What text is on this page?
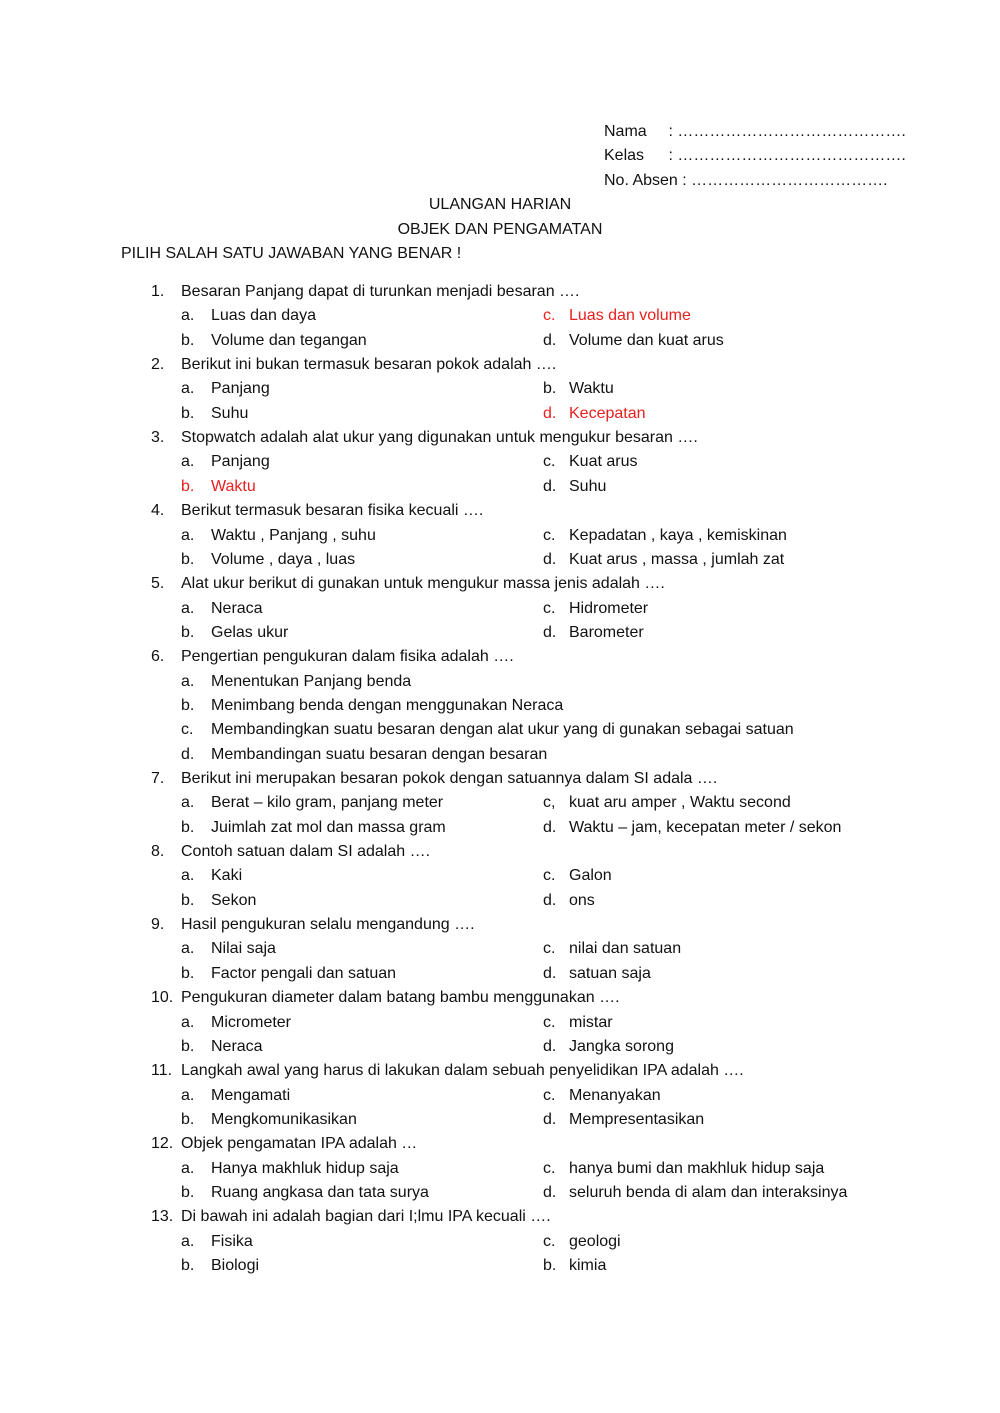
Nama : …………………………………….
Kelas : …………………………………….
No. Absen : ……………………………….
ULANGAN HARIAN
OBJEK DAN PENGAMATAN
PILIH SALAH SATU JAWABAN YANG BENAR !
1.	Besaran Panjang dapat di turunkan menjadi besaran ….
a. Luas dan daya	c. Luas dan volume
b. Volume dan tegangan	d. Volume dan kuat arus
2.	Berikut ini bukan termasuk besaran pokok adalah ….
a. Panjang	b. Waktu
b. Suhu	d. Kecepatan
3.	Stopwatch adalah alat ukur yang digunakan untuk mengukur besaran ….
a. Panjang	c. Kuat arus
b. Waktu	d. Suhu
4.	Berikut termasuk besaran fisika kecuali ….
a. Waktu , Panjang , suhu	c. Kepadatan , kaya , kemiskinan
b. Volume , daya , luas	d. Kuat arus , massa , jumlah zat
5.	Alat ukur berikut di gunakan untuk mengukur massa jenis adalah ….
a. Neraca	c. Hidrometer
b. Gelas ukur	d. Barometer
6.	Pengertian pengukuran dalam fisika adalah ….
a. Menentukan Panjang benda
b. Menimbang benda dengan menggunakan Neraca
c. Membandingkan suatu besaran dengan alat ukur yang di gunakan sebagai satuan
d. Membandingan suatu besaran dengan besaran
7.	Berikut ini merupakan besaran pokok dengan satuannya dalam SI adala ….
a. Berat – kilo gram, panjang meter	c, kuat aru amper , Waktu second
b. Juimlah zat mol dan massa gram	d. Waktu – jam, kecepatan meter / sekon
8.	Contoh satuan dalam SI adalah ….
a. Kaki	c. Galon
b. Sekon	d. ons
9.	Hasil pengukuran selalu mengandung ….
a. Nilai saja	c. nilai dan satuan
b. Factor pengali dan satuan	d. satuan saja
10. Pengukuran diameter dalam batang bambu menggunakan ….
a. Micrometer	c. mistar
b. Neraca	d. Jangka sorong
11. Langkah awal yang harus di lakukan dalam sebuah penyelidikan IPA adalah ….
a. Mengamati	c. Menanyakan
b. Mengkomunikasikan	d. Mempresentasikan
12. Objek pengamatan IPA adalah …
a. Hanya makhluk hidup saja	c. hanya bumi dan makhluk hidup saja
b. Ruang angkasa dan tata surya	d. seluruh benda di alam dan interaksinya
13. Di bawah ini adalah bagian dari I;lmu IPA kecuali ….
a. Fisika	c. geologi
b. Biologi	b. kimia
